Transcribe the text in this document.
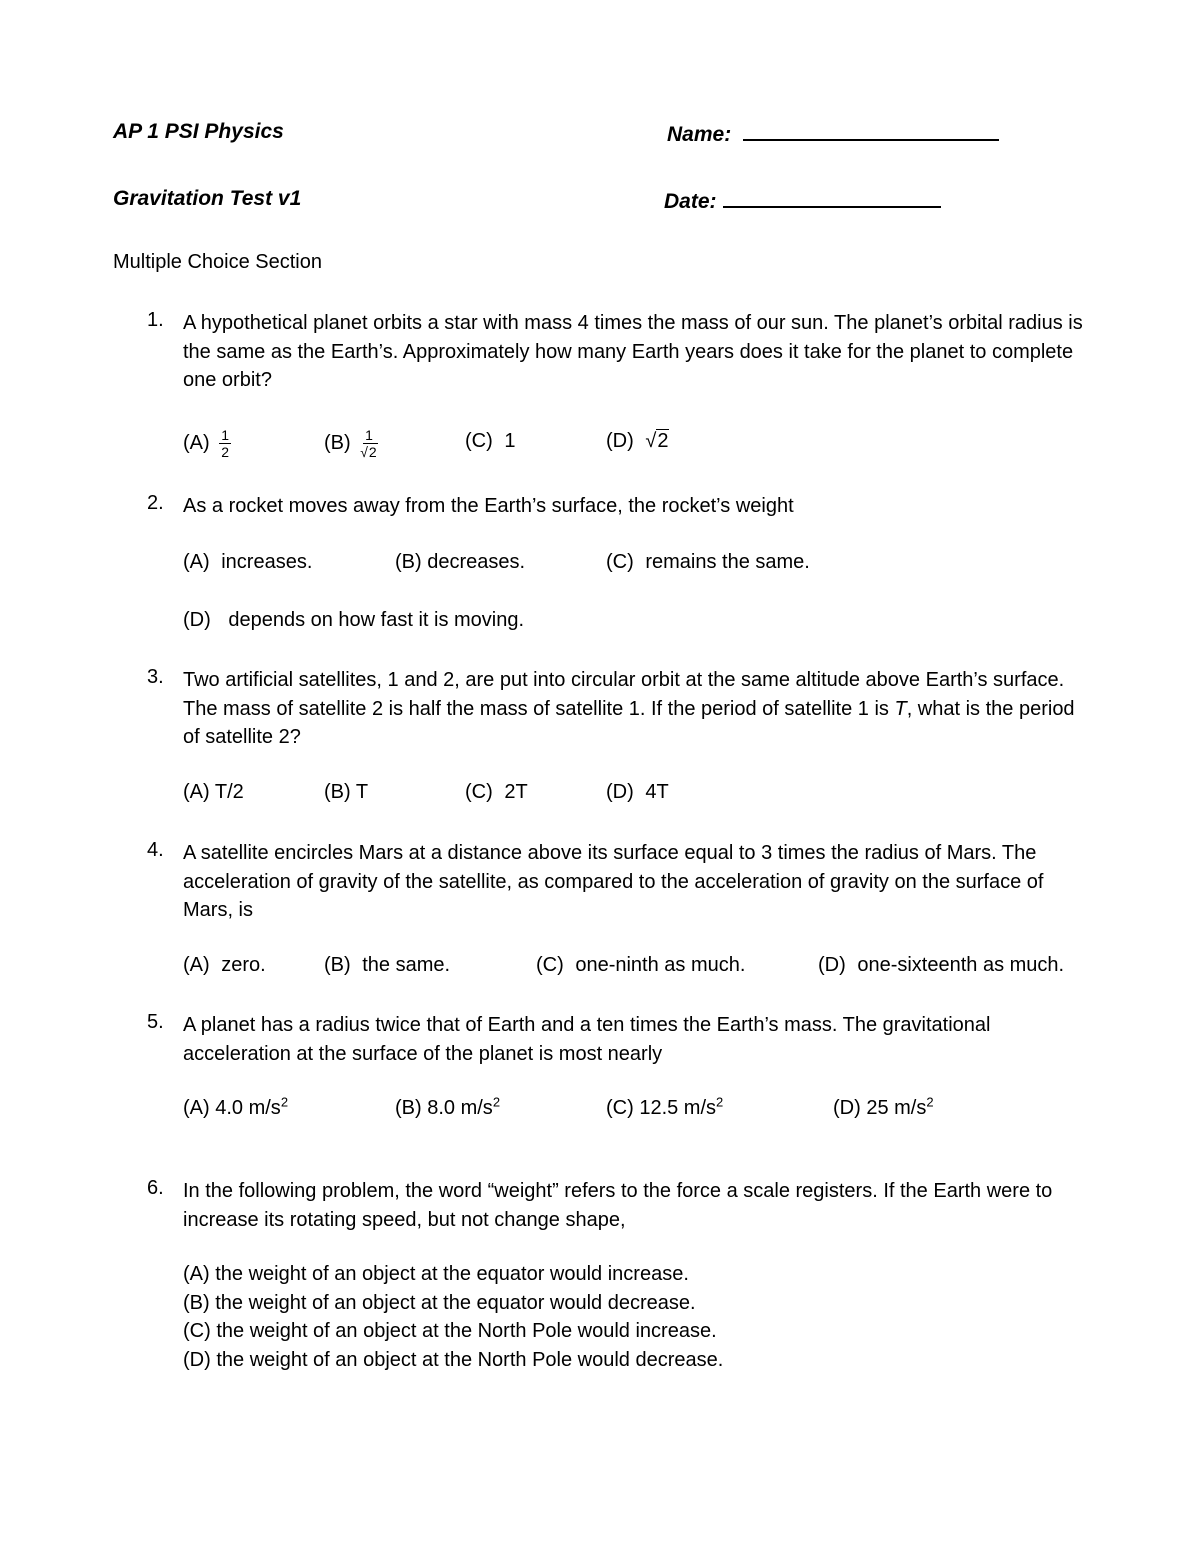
AP 1 PSI Physics	Name:
Gravitation Test v1	Date:
Multiple Choice Section
1. A hypothetical planet orbits a star with mass 4 times the mass of our sun. The planet’s orbital radius is the same as the Earth’s. Approximately how many Earth years does it take for the planet to complete one orbit?
$(A) \frac{1}{2}$	$(B) \frac{1}{√2}$	(C) 1	(D) √2
2. As a rocket moves away from the Earth’s surface, the rocket’s weight
(A) increases.	(B) decreases.	(C) remains the same.
(D) depends on how fast it is moving.
3. Two artificial satellites, 1 and 2, are put into circular orbit at the same altitude above Earth’s surface. The mass of satellite 2 is half the mass of satellite 1. If the period of satellite 1 is T, what is the period of satellite 2?
(A) T/2	(B) T	(C) 2T	(D) 4T
4. A satellite encircles Mars at a distance above its surface equal to 3 times the radius of Mars. The acceleration of gravity of the satellite, as compared to the acceleration of gravity on the surface of Mars, is
(A) zero.	(B) the same.	(C) one-ninth as much.	(D) one-sixteenth as much.
5. A planet has a radius twice that of Earth and a ten times the Earth’s mass. The gravitational acceleration at the surface of the planet is most nearly
(A) 4.0 $m/s^2$	(B) 8.0 $m/s^2$	(C) 12.5 $m/s^2$	(D) 25 $m/s^2$
6. In the following problem, the word “weight” refers to the force a scale registers. If the Earth were to increase its rotating speed, but not change shape,
(A) the weight of an object at the equator would increase.
(B) the weight of an object at the equator would decrease.
(C) the weight of an object at the North Pole would increase.
(D) the weight of an object at the North Pole would decrease.
